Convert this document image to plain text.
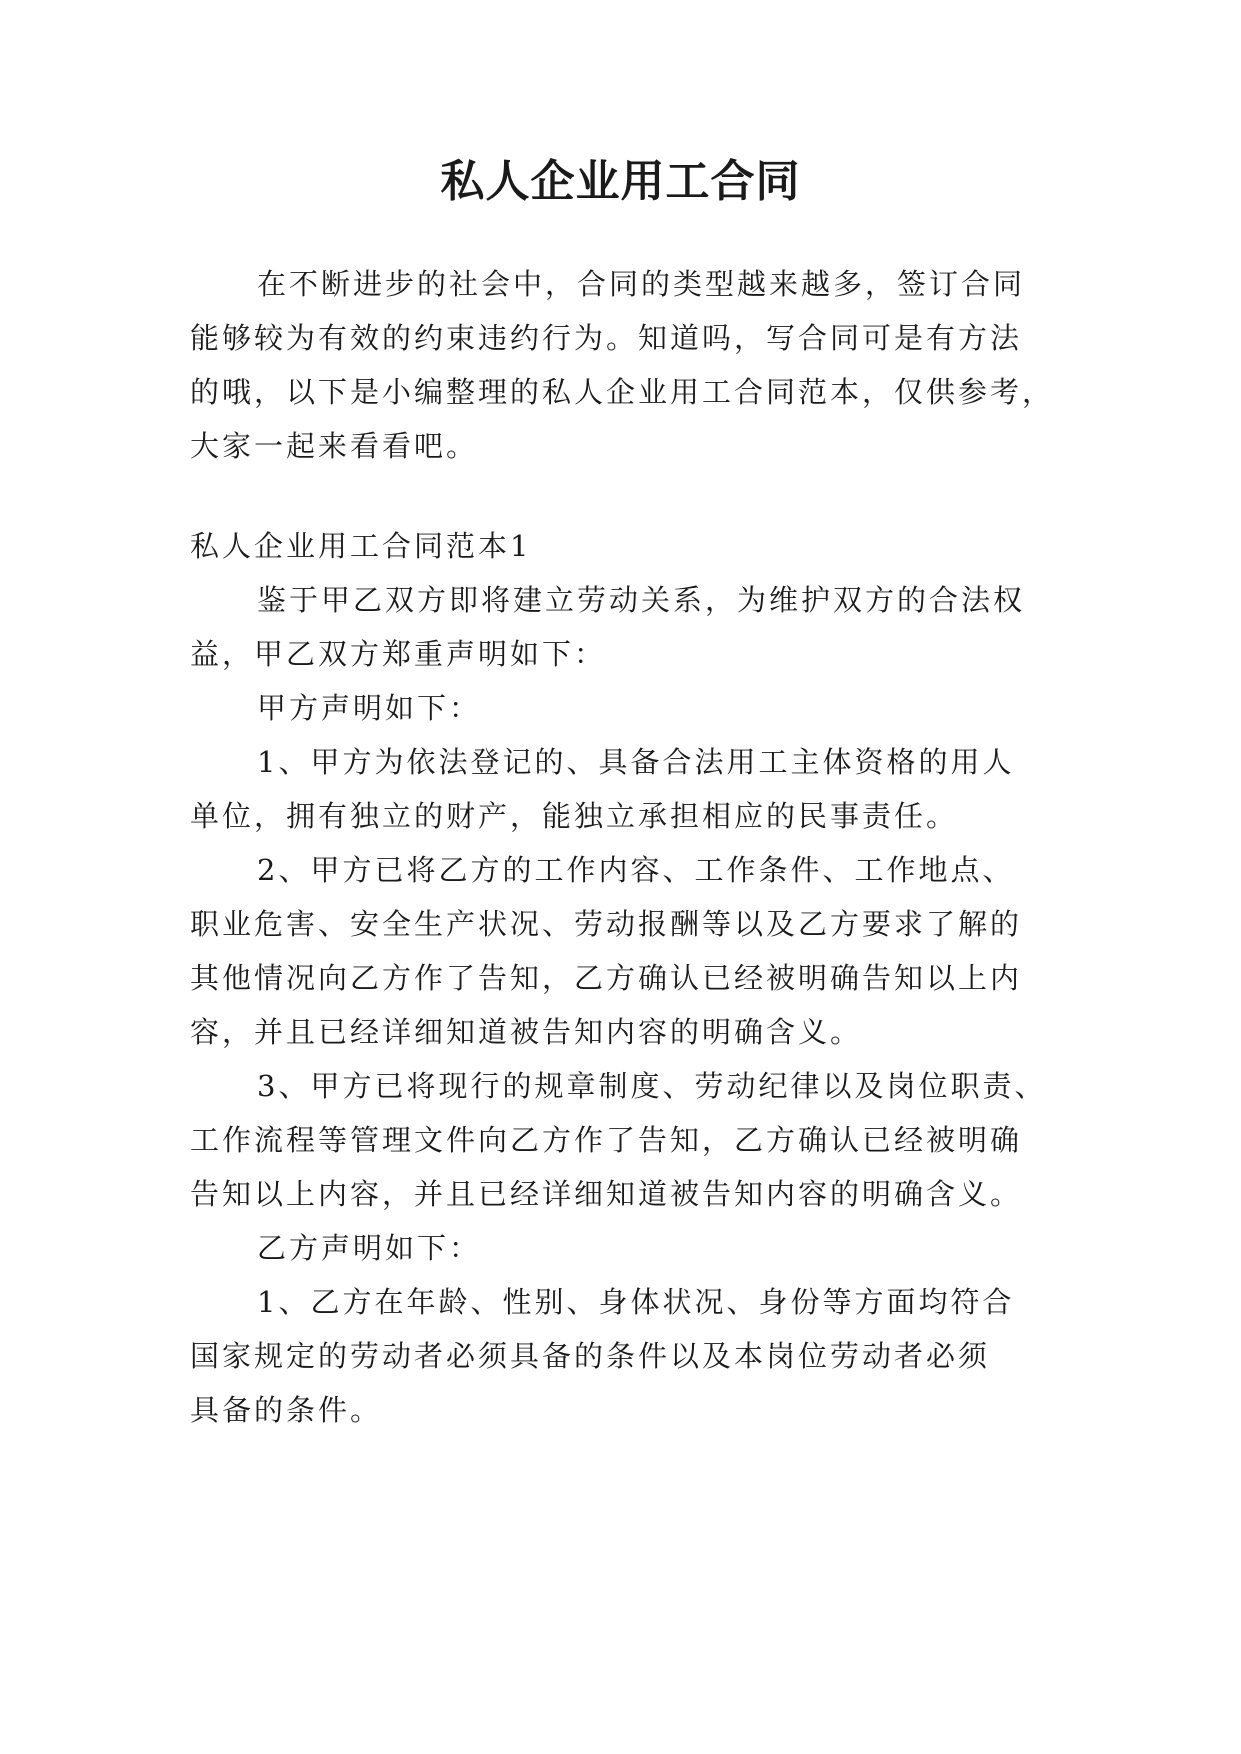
私人企业用工合同
在不断进步的社会中，合同的类型越来越多，签订合同
能够较为有效的约束违约行为。知道吗，写合同可是有方法
的哦，以下是小编整理的私人企业用工合同范本，仅供参考，
大家一起来看看吧。
私人企业用工合同范本1
鉴于甲乙双方即将建立劳动关系，为维护双方的合法权
益，甲乙双方郑重声明如下：
甲方声明如下：
1、甲方为依法登记的、具备合法用工主体资格的用人
单位，拥有独立的财产，能独立承担相应的民事责任。
2、甲方已将乙方的工作内容、工作条件、工作地点、
职业危害、安全生产状况、劳动报酬等以及乙方要求了解的
其他情况向乙方作了告知，乙方确认已经被明确告知以上内
容，并且已经详细知道被告知内容的明确含义。
3、甲方已将现行的规章制度、劳动纪律以及岗位职责、
工作流程等管理文件向乙方作了告知，乙方确认已经被明确
告知以上内容，并且已经详细知道被告知内容的明确含义。
乙方声明如下：
1、乙方在年龄、性别、身体状况、身份等方面均符合
国家规定的劳动者必须具备的条件以及本岗位劳动者必须
具备的条件。
